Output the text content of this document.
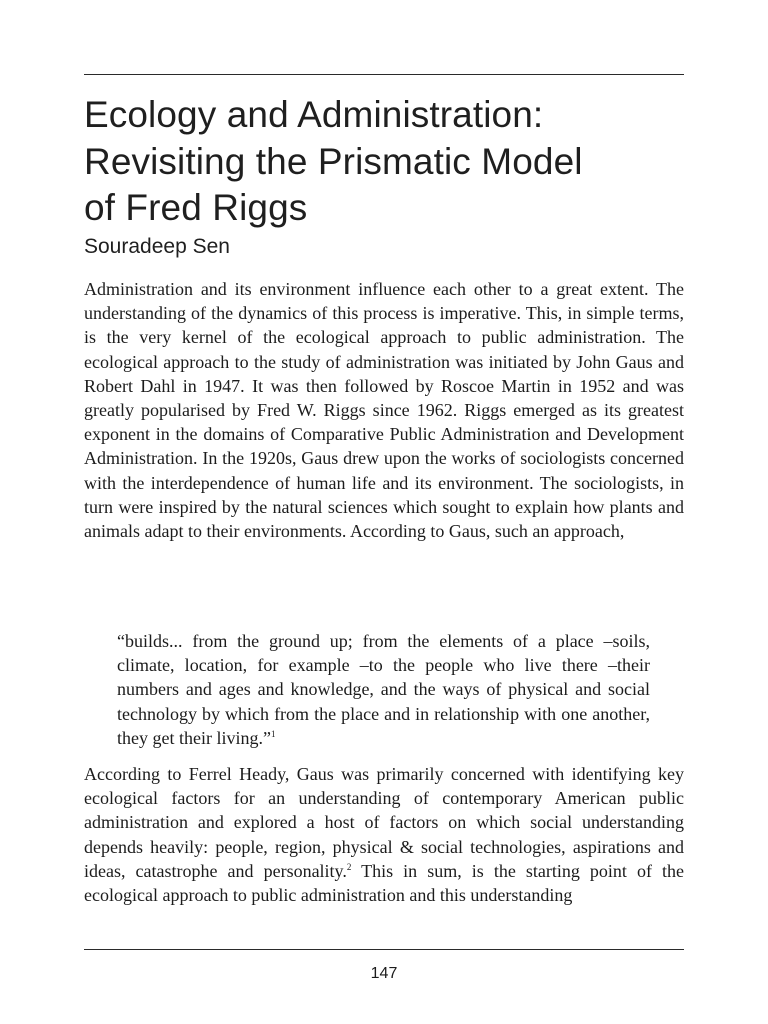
Ecology and Administration:
Revisiting the Prismatic Model
of Fred Riggs

Souradeep Sen

Administration and its environment influence each other to a great extent. The understanding of the dynamics of this process is imperative. This, in simple terms, is the very kernel of the ecological approach to public administration. The ecological approach to the study of administration was initiated by John Gaus and Robert Dahl in 1947. It was then followed by Roscoe Martin in 1952 and was greatly popularised by Fred W. Riggs since 1962. Riggs emerged as its greatest exponent in the domains of Comparative Public Administration and Development Administration. In the 1920s, Gaus drew upon the works of sociologists concerned with the interdependence of human life and its environment. The sociologists, in turn were inspired by the natural sciences which sought to explain how plants and animals adapt to their environments. According to Gaus, such an approach,

“builds... from the ground up; from the elements of a place –soils, climate, location, for example –to the people who live there –their numbers and ages and knowledge, and the ways of physical and social technology by which from the place and in relationship with one another, they get their living.”$^1$

According to Ferrel Heady, Gaus was primarily concerned with identifying key ecological factors for an understanding of contemporary American public administration and explored a host of factors on which social understanding depends heavily: people, region, physical & social technologies, aspirations and ideas, catastrophe and personality.$^2$ This in sum, is the starting point of the ecological approach to public administration and this understanding

147
